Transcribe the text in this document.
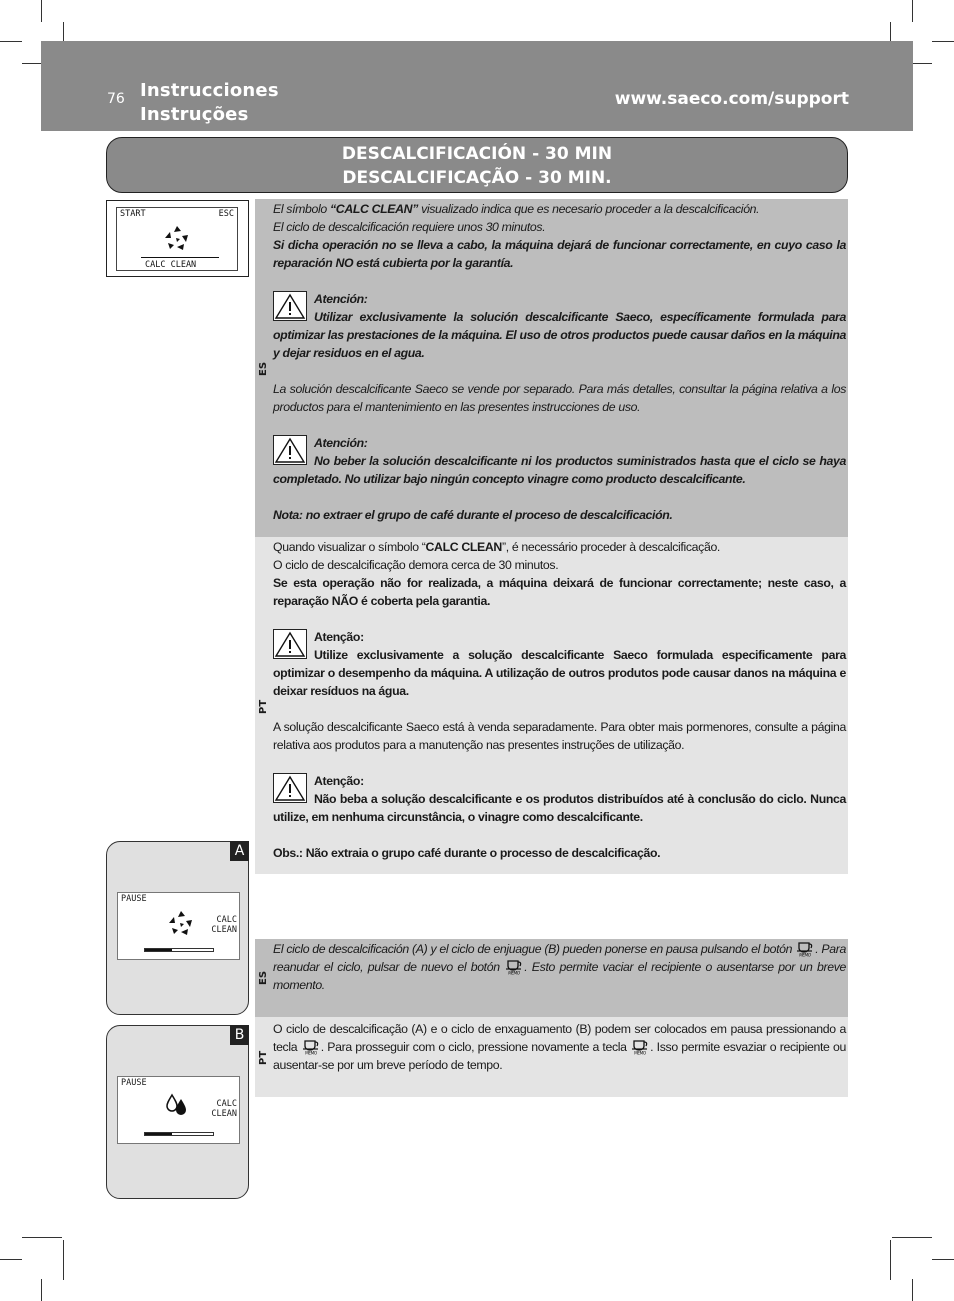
76 Instrucciones
Instruções
www.saeco.com/support
DESCALCIFICACIÓN - 30 MIN
DESCALCIFICAÇÃO - 30 MIN.
START	ESC
CALC CLEAN
ES

El símbolo “CALC CLEAN” visualizado indica que es necesario proceder a la descalcificación.

El ciclo de descalcificación requiere unos 30 minutos.

Si dicha operación no se lleva a cabo, la máquina dejará de funcionar correctamente, en cuyo caso la reparación NO está cubierta por la garantía.

Atención:

Utilizar exclusivamente la solución descalcificante Saeco, específicamente formulada para optimizar las prestaciones de la máquina. El uso de otros productos puede causar daños en la máquina y dejar residuos en el agua.

La solución descalcificante Saeco se vende por separado. Para más detalles, consultar la página relativa a los productos para el mantenimiento en las presentes instrucciones de uso.

Atención:

No beber la solución descalcificante ni los productos suministrados hasta que el ciclo se haya completado. No utilizar bajo ningún concepto vinagre como producto descalcificante.

Nota: no extraer el grupo de café durante el proceso de descalcificación.

PT

Quando visualizar o símbolo “CALC CLEAN”, é necessário proceder à descalcificação.

O ciclo de descalcificação demora cerca de 30 minutos.

Se esta operação não for realizada, a máquina deixará de funcionar correctamente; neste caso, a reparação NÃO é coberta pela garantia.

Atenção:

Utilize exclusivamente a solução descalcificante Saeco formulada especificamente para optimizar o desempenho da máquina. A utilização de outros produtos pode causar danos na máquina e deixar resíduos na água.

A solução descalcificante Saeco está à venda separadamente. Para obter mais pormenores, consulte a página relativa aos produtos para a manutenção nas presentes instruções de utilização.

Atenção:

Não beba a solução descalcificante e os produtos distribuídos até à conclusão do ciclo. Nunca utilize, em nenhuma circunstância, o vinagre como descalcificante.

Obs.: Não extraia o grupo café durante o processo de descalcificação.

A
PAUSE
CALC
CLEAN
ES

El ciclo de descalcificación (A) y el ciclo de enjuague (B) pueden ponerse en pausa pulsando el botón MEMO . Para reanudar el ciclo, pulsar de nuevo el botón MEMO . Esto permite vaciar el recipiente o ausentarse por un breve momento.

PT

O ciclo de descalcificação (A) e o ciclo de enxaguamento (B) podem ser colocados em pausa pressionando a tecla MEMO . Para prosseguir com o ciclo, pressione novamente a tecla MEMO . Isso permite esvaziar o recipiente ou ausentar-se por um breve período de tempo.

B
PAUSE
CALC
CLEAN
